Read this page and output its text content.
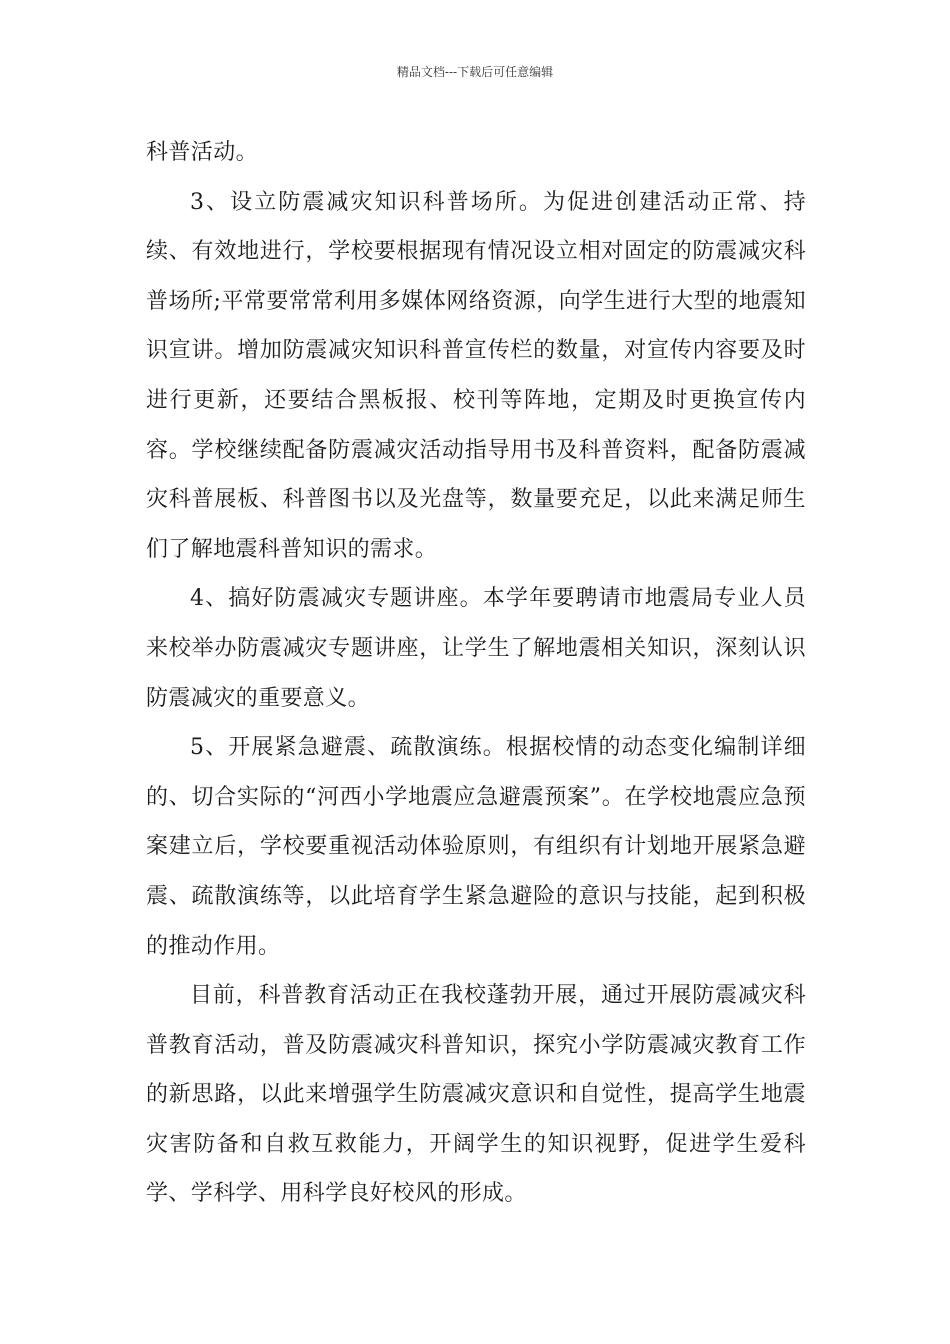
精品文档---下载后可任意编辑

科普活动。

3、设立防震减灾知识科普场所。为促进创建活动正常、持续、有效地进行，学校要根据现有情况设立相对固定的防震减灾科普场所;平常要常常利用多媒体网络资源，向学生进行大型的地震知识宣讲。增加防震减灾知识科普宣传栏的数量，对宣传内容要及时进行更新，还要结合黑板报、校刊等阵地，定期及时更换宣传内容。学校继续配备防震减灾活动指导用书及科普资料，配备防震减灾科普展板、科普图书以及光盘等，数量要充足，以此来满足师生们了解地震科普知识的需求。

4、搞好防震减灾专题讲座。本学年要聘请市地震局专业人员来校举办防震减灾专题讲座，让学生了解地震相关知识，深刻认识防震减灾的重要意义。

5、开展紧急避震、疏散演练。根据校情的动态变化编制详细的、切合实际的“河西小学地震应急避震预案”。在学校地震应急预案建立后，学校要重视活动体验原则，有组织有计划地开展紧急避震、疏散演练等，以此培育学生紧急避险的意识与技能，起到积极的推动作用。

目前，科普教育活动正在我校蓬勃开展，通过开展防震减灾科普教育活动，普及防震减灾科普知识，探究小学防震减灾教育工作的新思路，以此来增强学生防震减灾意识和自觉性，提高学生地震灾害防备和自救互救能力，开阔学生的知识视野，促进学生爱科学、学科学、用科学良好校风的形成。
